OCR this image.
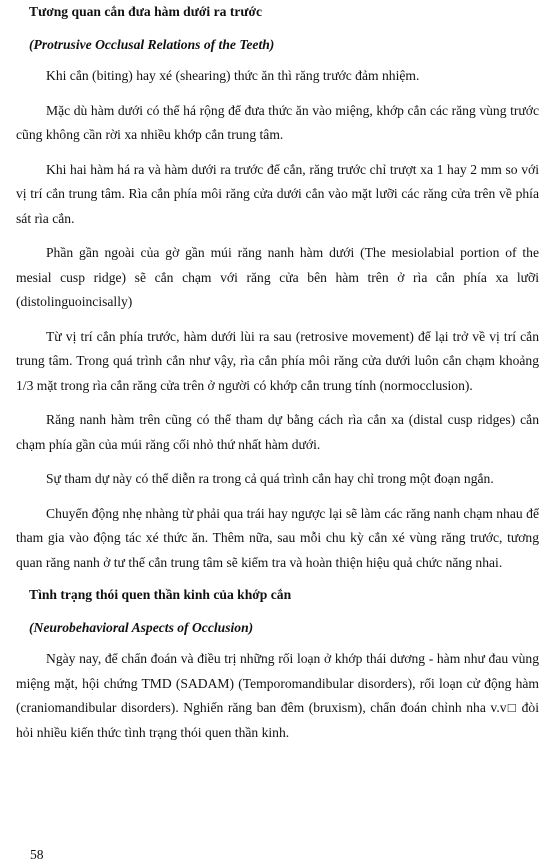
Tương quan cắn đưa hàm dưới ra trước

(Protrusive Occlusal Relations of the Teeth)

Khi cắn (biting) hay xé (shearing) thức ăn thì răng trước đảm nhiệm.

Mặc dù hàm dưới có thể há rộng để đưa thức ăn vào miệng, khớp cắn các răng vùng trước cũng không cần rời xa nhiều khớp cắn trung tâm.

Khi hai hàm há ra và hàm dưới ra trước để cắn, răng trước chỉ trượt xa 1 hay 2 mm so với vị trí cắn trung tâm. Rìa cắn phía môi răng cửa dưới cắn vào mặt lưỡi các răng cửa trên về phía sát rìa cắn.

Phần gần ngoài của gờ gần múi răng nanh hàm dưới (The mesiolabial portion of the mesial cusp ridge) sẽ cắn chạm với răng cửa bên hàm trên ở rìa cắn phía xa lưỡi (distolinguoincisally)

Từ vị trí cắn phía trước, hàm dưới lùi ra sau (retrosive movement) để lại trở về vị trí cắn trung tâm. Trong quá trình cắn như vậy, rìa cắn phía môi răng cửa dưới luôn cắn chạm khoảng 1/3 mặt trong rìa cắn răng cửa trên ở người có khớp cắn trung tính (normocclusion).

Răng nanh hàm trên cũng có thể tham dự bằng cách rìa cắn xa (distal cusp ridges) cắn chạm phía gần của múi răng cối nhỏ thứ nhất hàm dưới.

Sự tham dự này có thể diễn ra trong cả quá trình cắn hay chỉ trong một đoạn ngắn.

Chuyển động nhẹ nhàng từ phải qua trái hay ngược lại sẽ làm các răng nanh chạm nhau để tham gia vào động tác xé thức ăn. Thêm nữa, sau mỗi chu kỳ cắn xé vùng răng trước, tương quan răng nanh ở tư thế cắn trung tâm sẽ kiểm tra và hoàn thiện hiệu quả chức năng nhai.

Tình trạng thói quen thần kinh của khớp cắn

(Neurobehavioral Aspects of Occlusion)

Ngày nay, để chẩn đoán và điều trị những rối loạn ở khớp thái dương - hàm như đau vùng miệng mặt, hội chứng TMD (SADAM) (Temporomandibular disorders), rối loạn cử động hàm (craniomandibular disorders). Nghiến răng ban đêm (bruxism), chẩn đoán chỉnh nha v.v□ đòi hỏi nhiều kiến thức tình trạng thói quen thần kinh.

58
